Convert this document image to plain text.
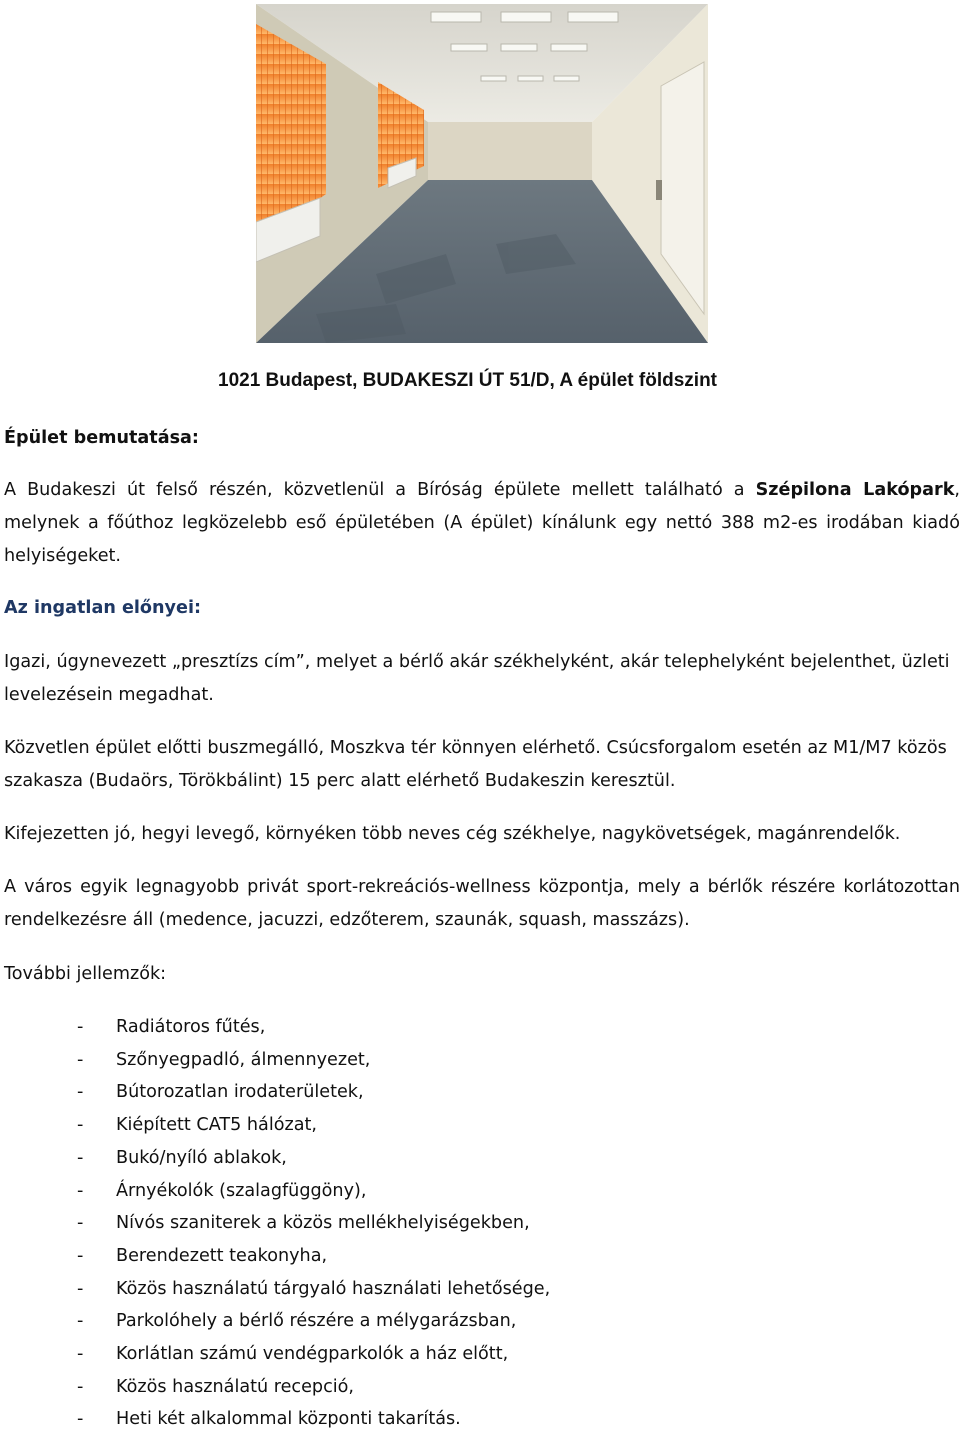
1021 Budapest, BUDAKESZI ÚT 51/D, A épület földszint

Épület bemutatása:

A Budakeszi út felső részén, közvetlenül a Bíróság épülete mellett található a Szépilona Lakópark, melynek a főúthoz legközelebb eső épületében (A épület) kínálunk egy nettó 388 m2-es irodában kiadó helyiségeket.

Az ingatlan előnyei:

Igazi, úgynevezett „presztízs cím”, melyet a bérlő akár székhelyként, akár telephelyként bejelenthet, üzleti levelezésein megadhat.

Közvetlen épület előtti buszmegálló, Moszkva tér könnyen elérhető. Csúcsforgalom esetén az M1/M7 közös szakasza (Budaörs, Törökbálint) 15 perc alatt elérhető Budakeszin keresztül.

Kifejezetten jó, hegyi levegő, környéken több neves cég székhelye, nagykövetségek, magánrendelők.

A város egyik legnagyobb privát sport-rekreációs-wellness központja, mely a bérlők részére korlátozottan rendelkezésre áll (medence, jacuzzi, edzőterem, szaunák, squash, masszázs).

További jellemzők:

- Radiátoros fűtés,
- Szőnyegpadló, álmennyezet,
- Bútorozatlan irodaterületek,
- Kiépített CAT5 hálózat,
- Bukó/nyíló ablakok,
- Árnyékolók (szalagfüggöny),
- Nívós szaniterek a közös mellékhelyiségekben,
- Berendezett teakonyha,
- Közös használatú tárgyaló használati lehetősége,
- Parkolóhely a bérlő részére a mélygarázsban,
- Korlátlan számú vendégparkolók a ház előtt,
- Közös használatú recepció,
- Heti két alkalommal központi takarítás.
